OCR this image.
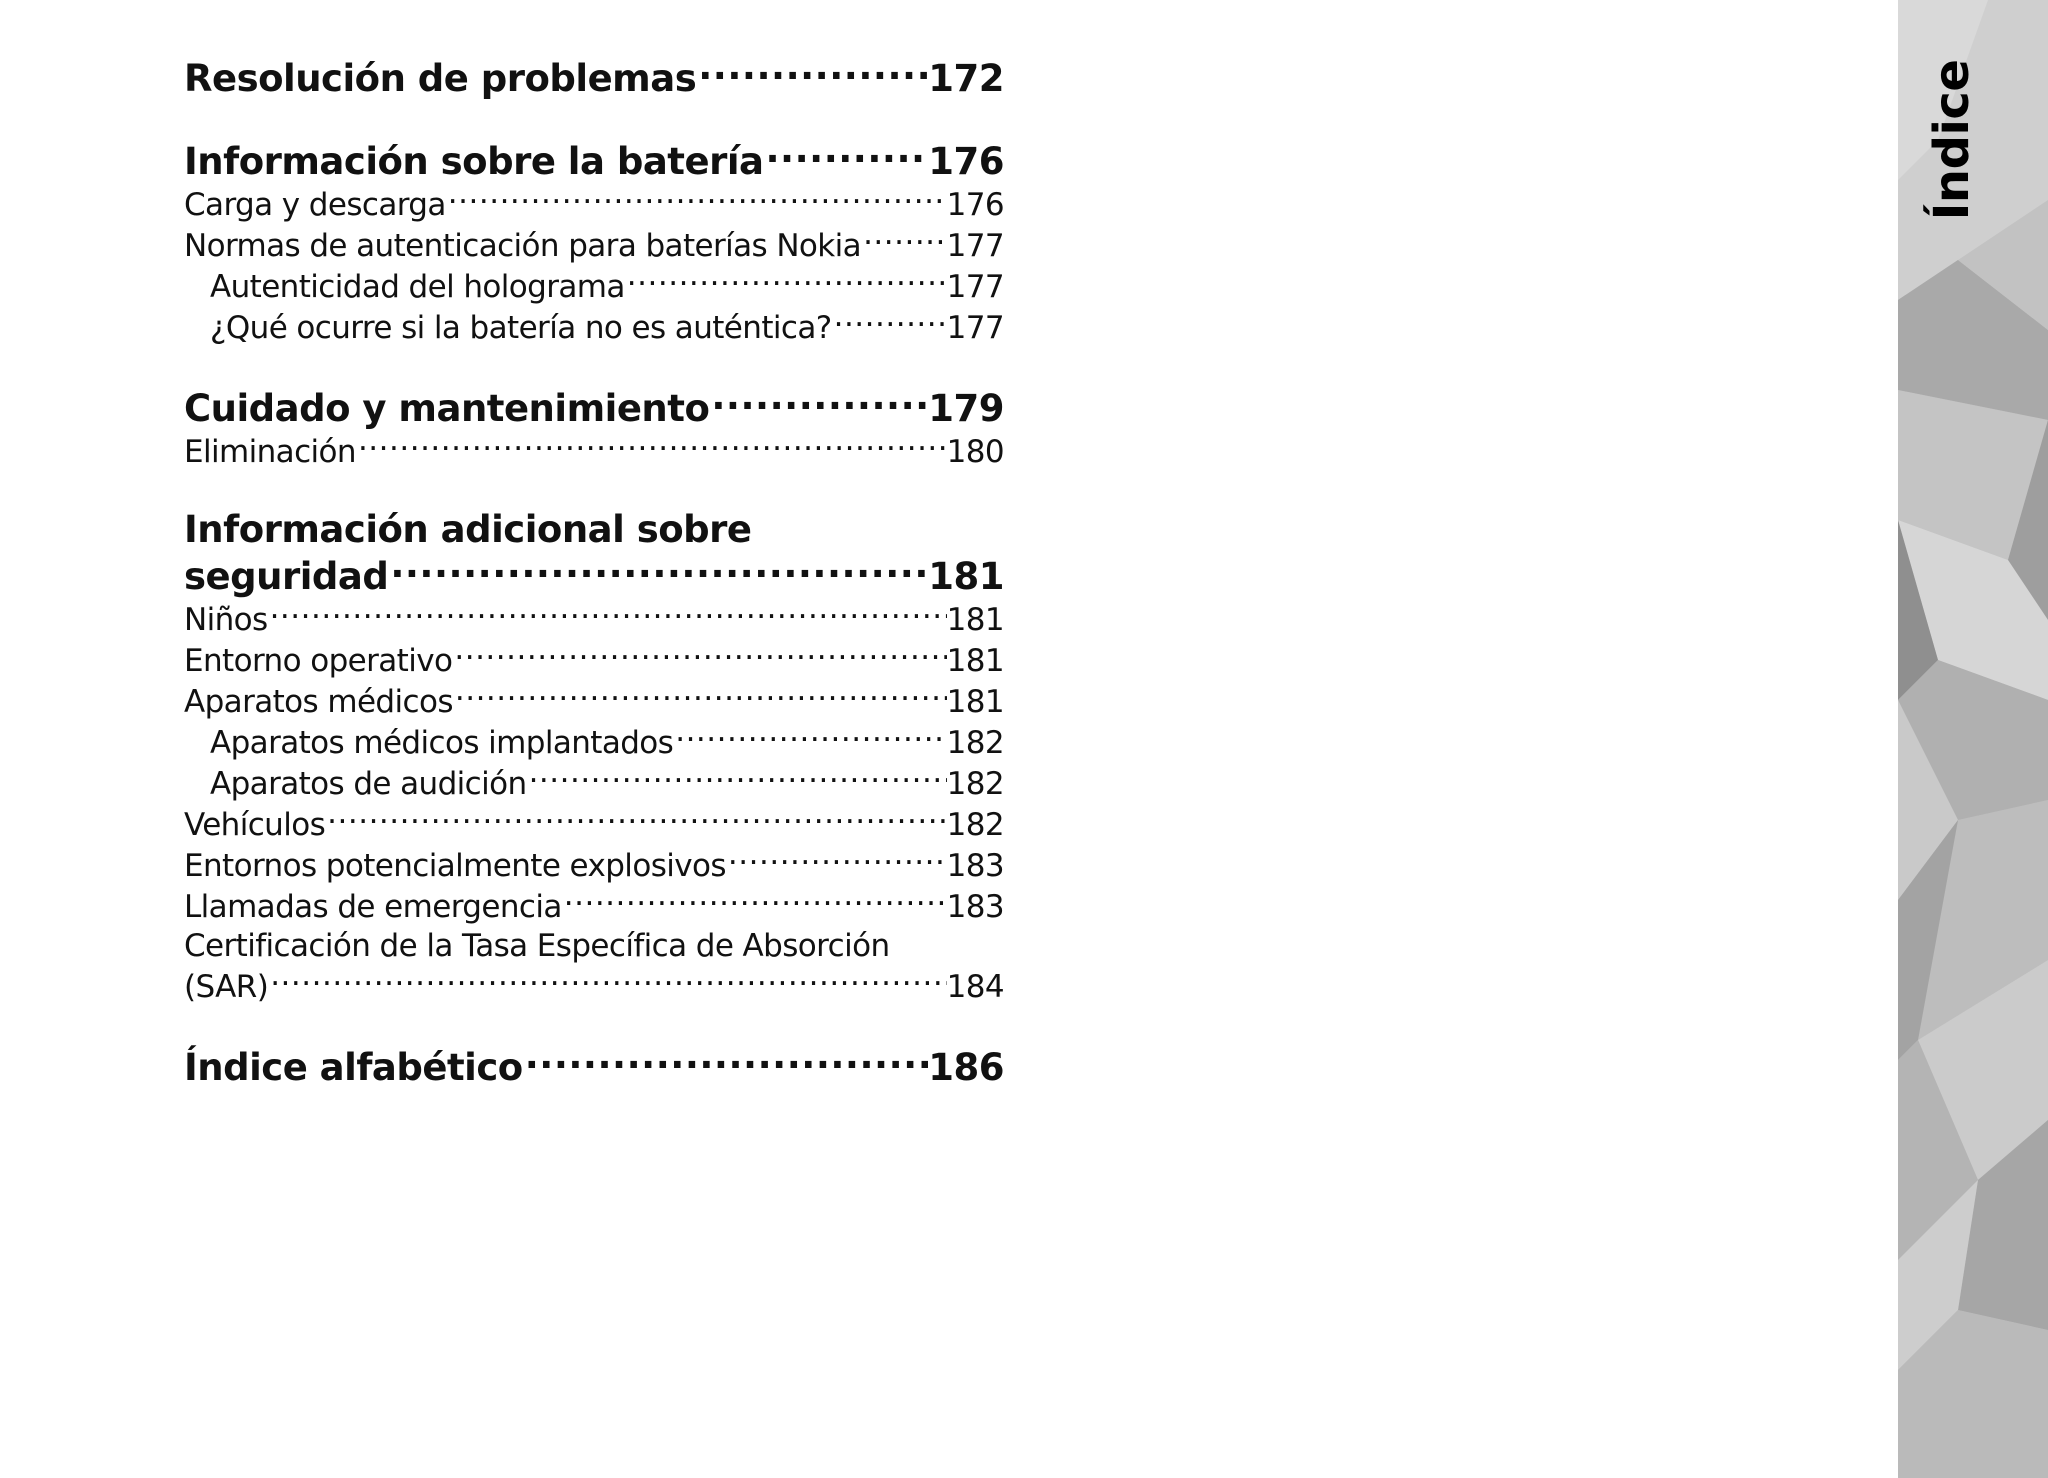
Resolución de problemas .....	172
Información sobre la batería .....	176
Carga y descarga .....	176
Normas de autenticación para baterías Nokia .....	177
Autenticidad del holograma .....	177
¿Qué ocurre si la batería no es auténtica? .....	177
Cuidado y mantenimiento .....	179
Eliminación .....	180
Información adicional sobre
seguridad .....	181
Niños .....	181
Entorno operativo .....	181
Aparatos médicos .....	181
Aparatos médicos implantados .....	182
Aparatos de audición .....	182
Vehículos .....	182
Entornos potencialmente explosivos .....	183
Llamadas de emergencia .....	183
Certificación de la Tasa Específica de Absorción
(SAR) .....	184
Índice alfabético .....	186
Índice
